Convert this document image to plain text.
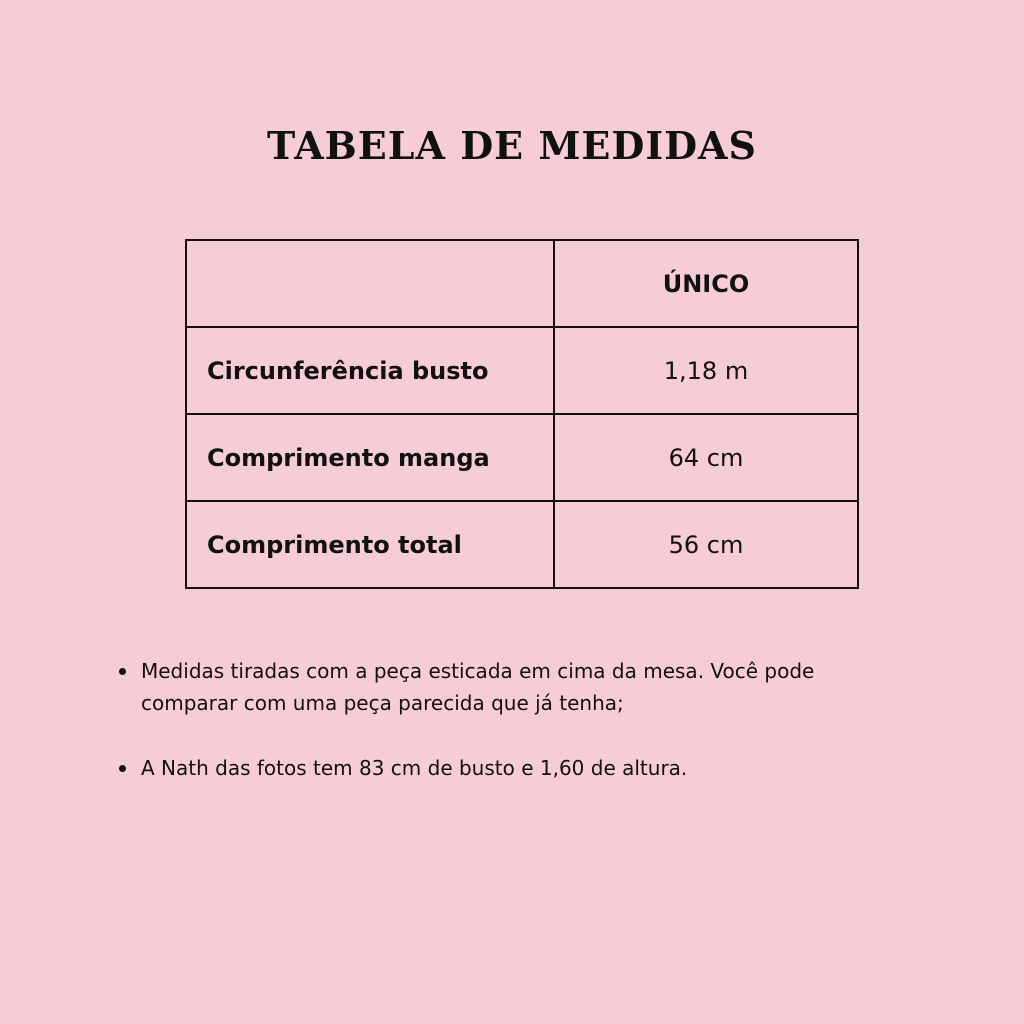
TABELA DE MEDIDAS
	ÚNICO
Circunferência busto	1,18 m
Comprimento manga	64 cm
Comprimento total	56 cm
Medidas tiradas com a peça esticada em cima da mesa. Você pode comparar com uma peça parecida que já tenha;
A Nath das fotos tem 83 cm de busto e 1,60 de altura.
